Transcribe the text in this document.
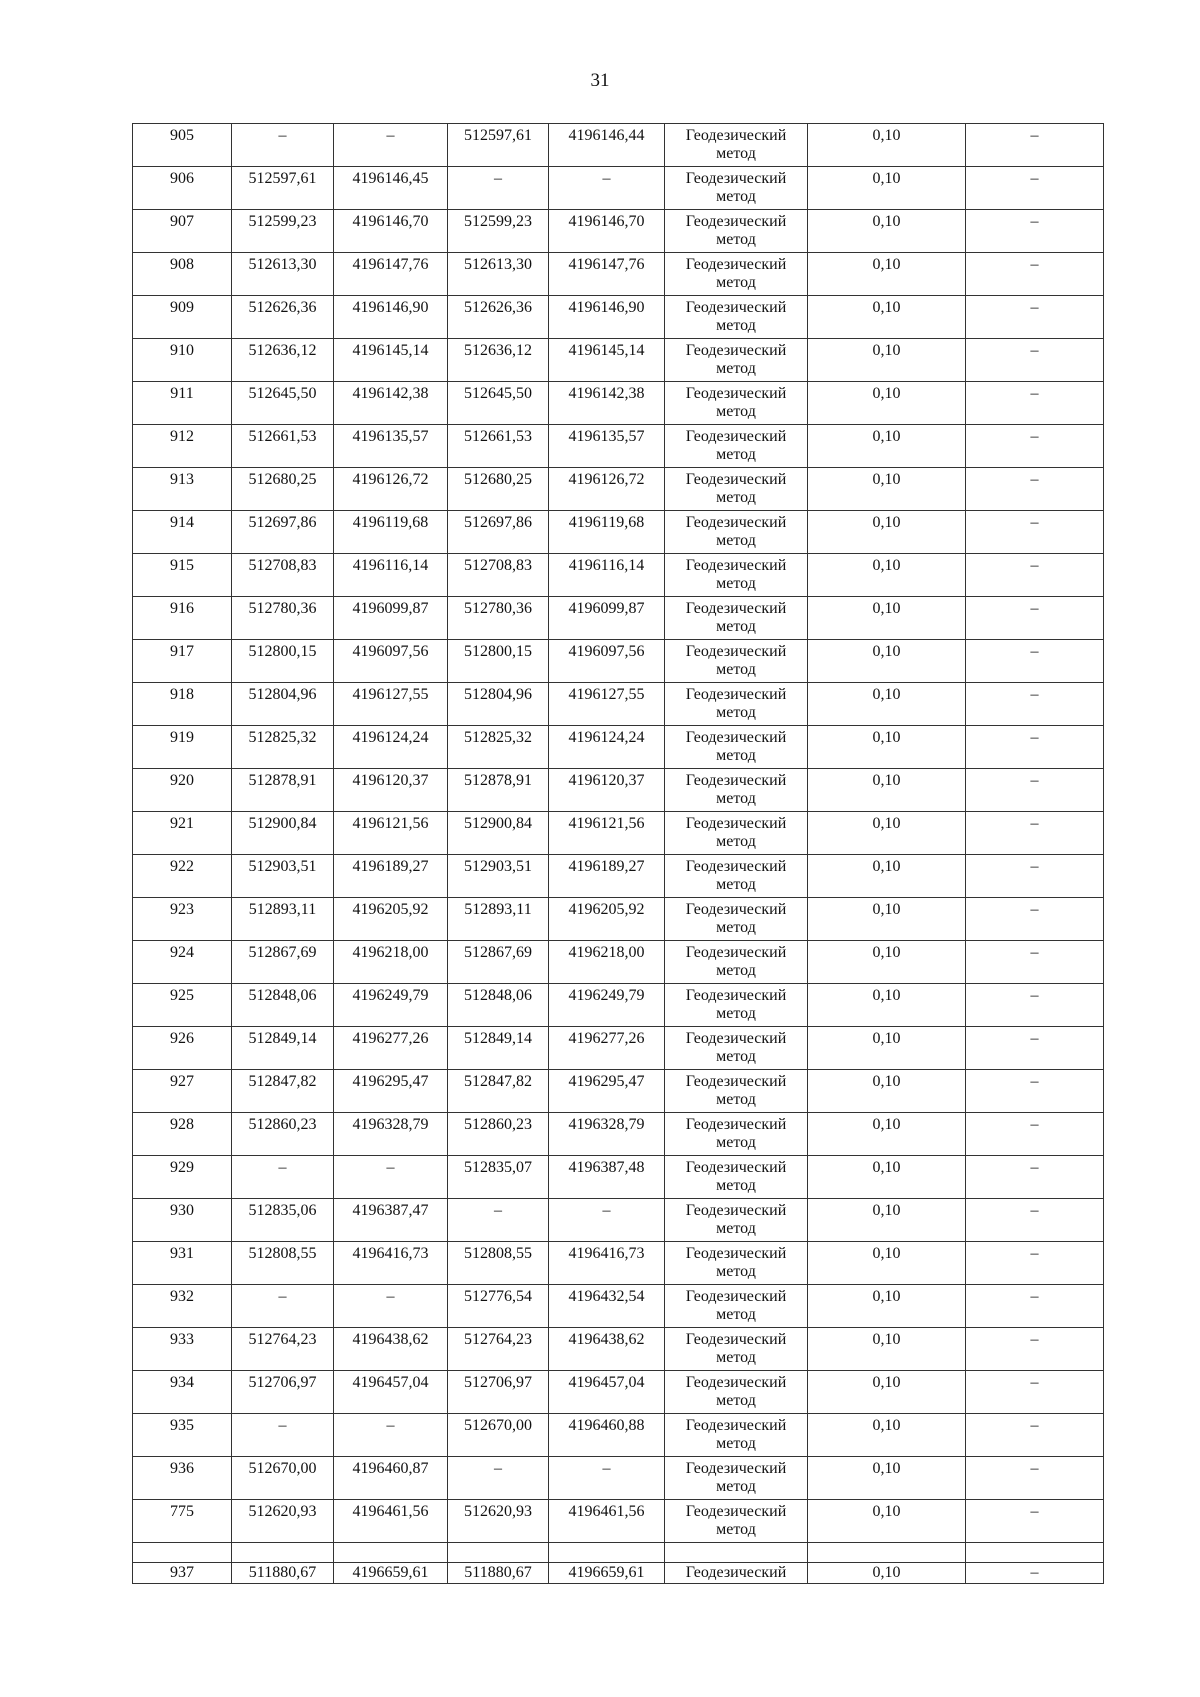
31
905	–	–	512597,61	4196146,44	Геодезический метод	0,10	–
906	512597,61	4196146,45	–	–	Геодезический метод	0,10	–
907	512599,23	4196146,70	512599,23	4196146,70	Геодезический метод	0,10	–
908	512613,30	4196147,76	512613,30	4196147,76	Геодезический метод	0,10	–
909	512626,36	4196146,90	512626,36	4196146,90	Геодезический метод	0,10	–
910	512636,12	4196145,14	512636,12	4196145,14	Геодезический метод	0,10	–
911	512645,50	4196142,38	512645,50	4196142,38	Геодезический метод	0,10	–
912	512661,53	4196135,57	512661,53	4196135,57	Геодезический метод	0,10	–
913	512680,25	4196126,72	512680,25	4196126,72	Геодезический метод	0,10	–
914	512697,86	4196119,68	512697,86	4196119,68	Геодезический метод	0,10	–
915	512708,83	4196116,14	512708,83	4196116,14	Геодезический метод	0,10	–
916	512780,36	4196099,87	512780,36	4196099,87	Геодезический метод	0,10	–
917	512800,15	4196097,56	512800,15	4196097,56	Геодезический метод	0,10	–
918	512804,96	4196127,55	512804,96	4196127,55	Геодезический метод	0,10	–
919	512825,32	4196124,24	512825,32	4196124,24	Геодезический метод	0,10	–
920	512878,91	4196120,37	512878,91	4196120,37	Геодезический метод	0,10	–
921	512900,84	4196121,56	512900,84	4196121,56	Геодезический метод	0,10	–
922	512903,51	4196189,27	512903,51	4196189,27	Геодезический метод	0,10	–
923	512893,11	4196205,92	512893,11	4196205,92	Геодезический метод	0,10	–
924	512867,69	4196218,00	512867,69	4196218,00	Геодезический метод	0,10	–
925	512848,06	4196249,79	512848,06	4196249,79	Геодезический метод	0,10	–
926	512849,14	4196277,26	512849,14	4196277,26	Геодезический метод	0,10	–
927	512847,82	4196295,47	512847,82	4196295,47	Геодезический метод	0,10	–
928	512860,23	4196328,79	512860,23	4196328,79	Геодезический метод	0,10	–
929	–	–	512835,07	4196387,48	Геодезический метод	0,10	–
930	512835,06	4196387,47	–	–	Геодезический метод	0,10	–
931	512808,55	4196416,73	512808,55	4196416,73	Геодезический метод	0,10	–
932	–	–	512776,54	4196432,54	Геодезический метод	0,10	–
933	512764,23	4196438,62	512764,23	4196438,62	Геодезический метод	0,10	–
934	512706,97	4196457,04	512706,97	4196457,04	Геодезический метод	0,10	–
935	–	–	512670,00	4196460,88	Геодезический метод	0,10	–
936	512670,00	4196460,87	–	–	Геодезический метод	0,10	–
775	512620,93	4196461,56	512620,93	4196461,56	Геодезический метод	0,10	–

937	511880,67	4196659,61	511880,67	4196659,61	Геодезический	0,10	–
